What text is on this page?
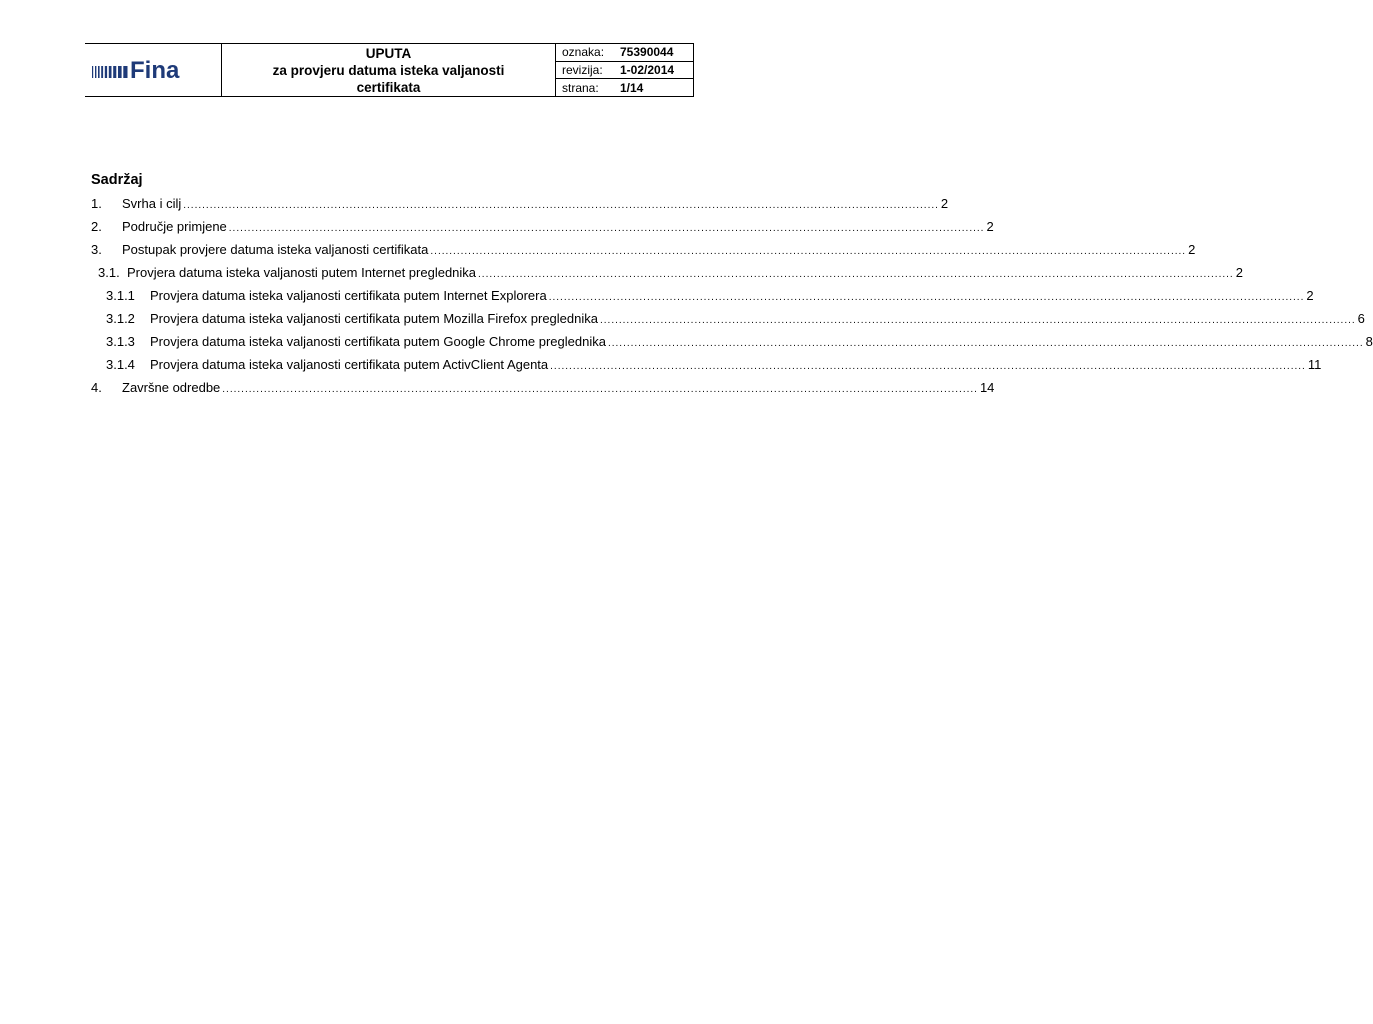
Fina
UPUTA
za provjeru datuma isteka valjanosti
certifikata
oznaka:	75390044
revizija:	1-02/2014
strana:	1/14
Sadržaj
1.	Svrha i cilj ........................................................................................................................................................................................................ 2
2.	Područje primjene ........................................................................................................................................................................................................ 2
3.	Postupak provjere datuma isteka valjanosti certifikata ........................................................................................................................................................................................................ 2
3.1. Provjera datuma isteka valjanosti putem Internet preglednika ........................................................................................................................................................................................................ 2
3.1.1	Provjera datuma isteka valjanosti certifikata putem Internet Explorera ........................................................................................................................................................................................................ 2
3.1.2	Provjera datuma isteka valjanosti certifikata putem Mozilla Firefox preglednika ........................................................................................................................................................................................................ 6
3.1.3	Provjera datuma isteka valjanosti certifikata putem Google Chrome preglednika ........................................................................................................................................................................................................ 8
3.1.4	Provjera datuma isteka valjanosti certifikata putem ActivClient Agenta ........................................................................................................................................................................................................ 11
4.	Završne odredbe ........................................................................................................................................................................................................ 14
